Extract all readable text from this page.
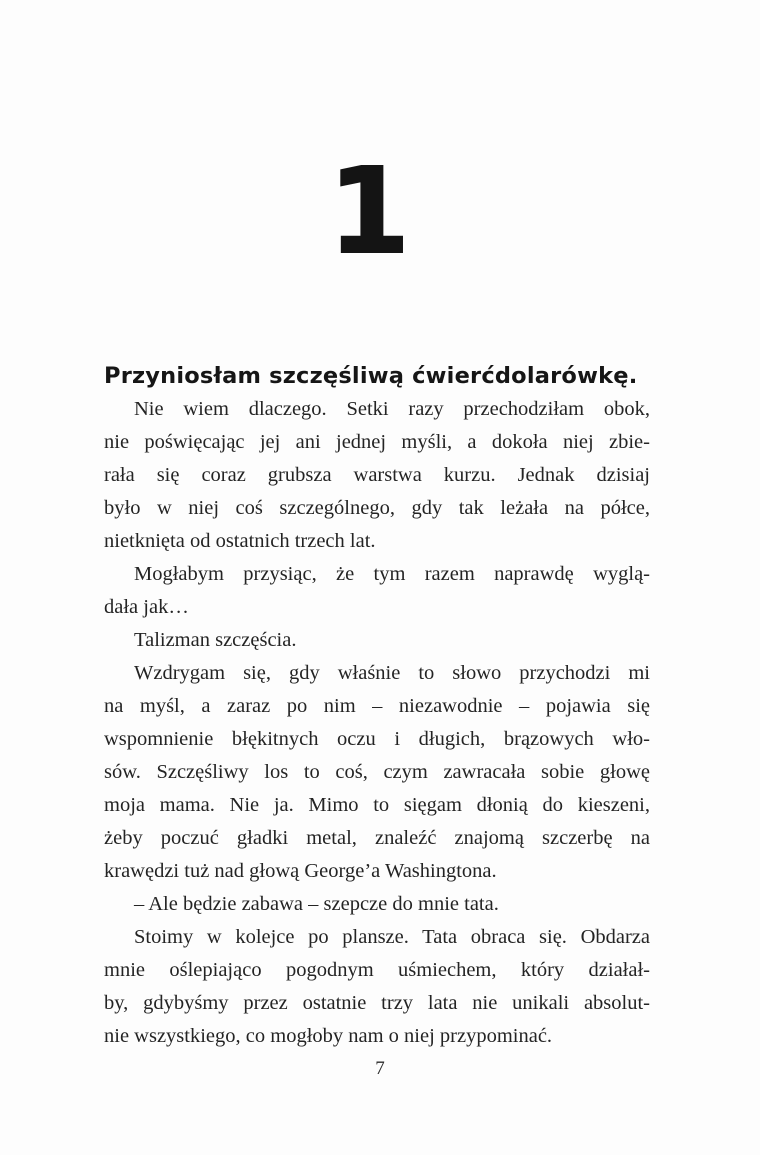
1
Przyniosłam szczęśliwą ćwierćdolarówkę.
Nie wiem dlaczego. Setki razy przechodziłam obok,
nie poświęcając jej ani jednej myśli, a dokoła niej zbie-
rała się coraz grubsza warstwa kurzu. Jednak dzisiaj
było w niej coś szczególnego, gdy tak leżała na półce,
nietknięta od ostatnich trzech lat.
Mogłabym przysiąc, że tym razem naprawdę wyglą-
dała jak…
Talizman szczęścia.
Wzdrygam się, gdy właśnie to słowo przychodzi mi
na myśl, a zaraz po nim – niezawodnie – pojawia się
wspomnienie błękitnych oczu i długich, brązowych wło-
sów. Szczęśliwy los to coś, czym zawracała sobie głowę
moja mama. Nie ja. Mimo to sięgam dłonią do kieszeni,
żeby poczuć gładki metal, znaleźć znajomą szczerbę na
krawędzi tuż nad głową George’a Washingtona.
– Ale będzie zabawa – szepcze do mnie tata.
Stoimy w kolejce po plansze. Tata obraca się. Obdarza
mnie oślepiająco pogodnym uśmiechem, który działał-
by, gdybyśmy przez ostatnie trzy lata nie unikali absolut-
nie wszystkiego, co mogłoby nam o niej przypominać.
7
